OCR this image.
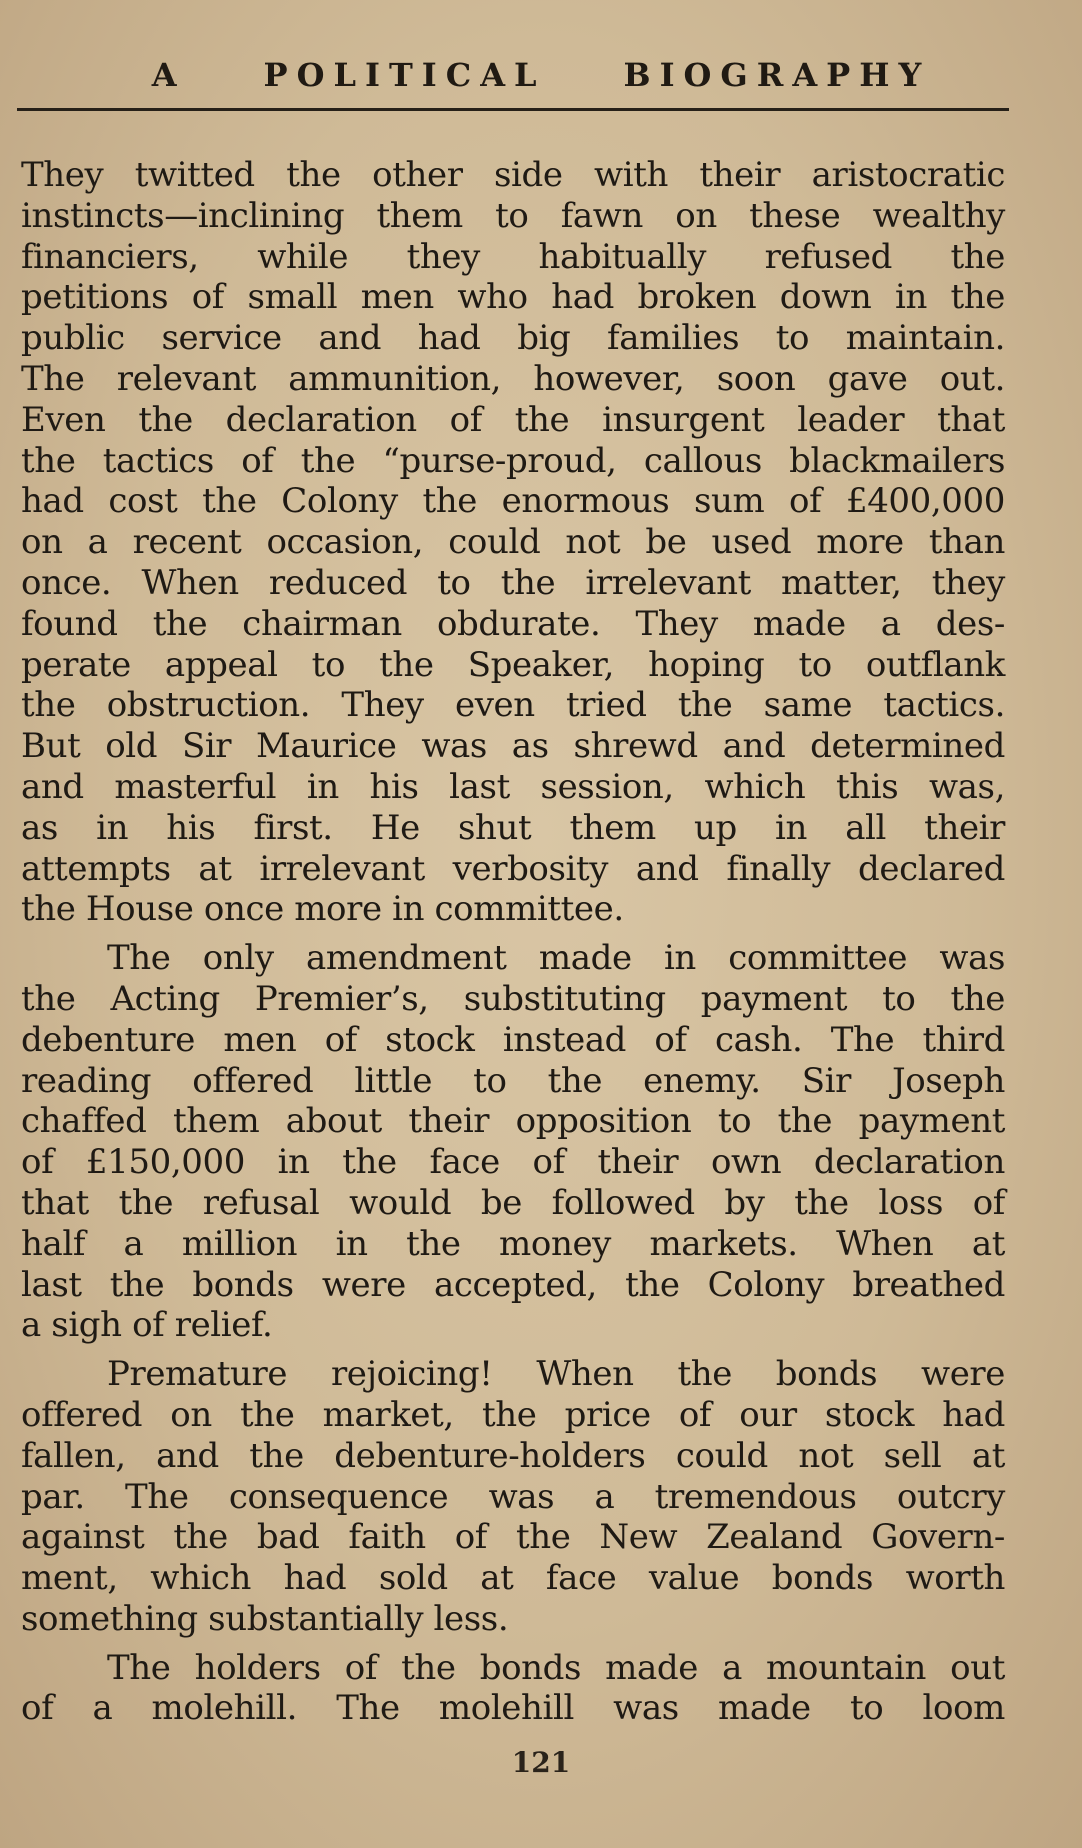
A POLITICAL BIOGRAPHY
They twitted the other side with their aristocratic
instincts—inclining them to fawn on these wealthy
financiers, while they habitually refused the
petitions of small men who had broken down in the
public service and had big families to maintain.
The relevant ammunition, however, soon gave out.
Even the declaration of the insurgent leader that
the tactics of the “purse-proud, callous blackmailers
had cost the Colony the enormous sum of £400,000
on a recent occasion, could not be used more than
once. When reduced to the irrelevant matter, they
found the chairman obdurate. They made a des-
perate appeal to the Speaker, hoping to outflank
the obstruction. They even tried the same tactics.
But old Sir Maurice was as shrewd and determined
and masterful in his last session, which this was,
as in his first. He shut them up in all their
attempts at irrelevant verbosity and finally declared
the House once more in committee.
The only amendment made in committee was
the Acting Premier’s, substituting payment to the
debenture men of stock instead of cash. The third
reading offered little to the enemy. Sir Joseph
chaffed them about their opposition to the payment
of £150,000 in the face of their own declaration
that the refusal would be followed by the loss of
half a million in the money markets. When at
last the bonds were accepted, the Colony breathed
a sigh of relief.
Premature rejoicing! When the bonds were
offered on the market, the price of our stock had
fallen, and the debenture-holders could not sell at
par. The consequence was a tremendous outcry
against the bad faith of the New Zealand Govern-
ment, which had sold at face value bonds worth
something substantially less.
The holders of the bonds made a mountain out
of a molehill. The molehill was made to loom
121
